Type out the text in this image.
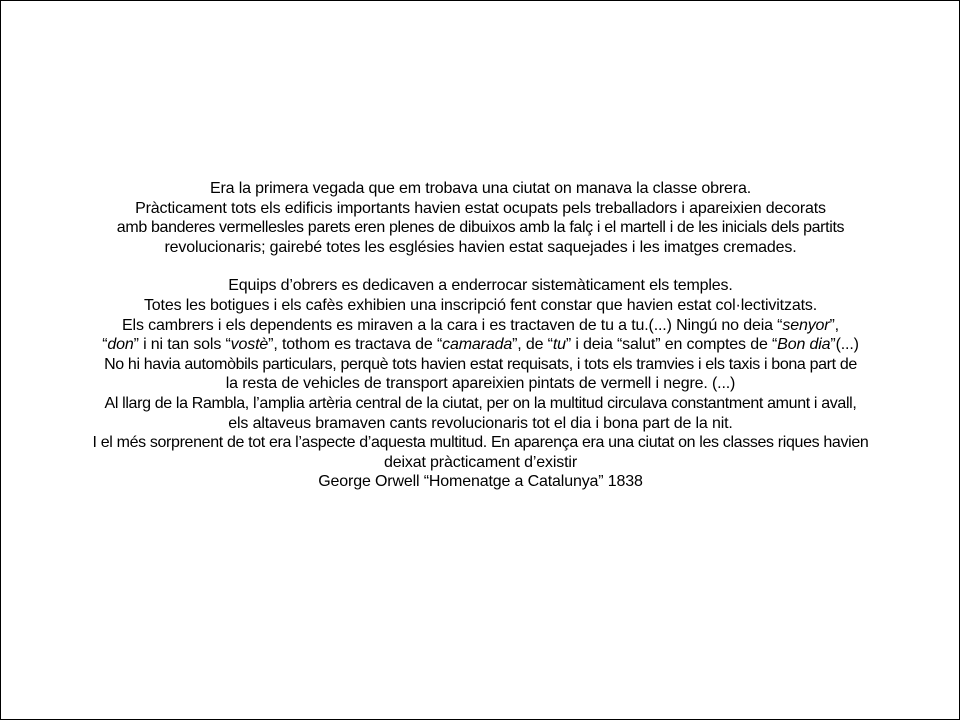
Era la primera vegada que em trobava una ciutat on manava la classe obrera.
Pràcticament tots els edificis importants havien estat ocupats pels treballadors i apareixien decorats
amb banderes vermellesles parets eren plenes de dibuixos amb la falç i el martell i de les inicials dels partits
revolucionaris; gairebé totes les esglésies havien estat saquejades i les imatges cremades.
Equips d’obrers es dedicaven a enderrocar sistemàticament els temples.
Totes les botigues i els cafès exhibien una inscripció fent constar que havien estat col·lectivitzats.
Els cambrers i els dependents es miraven a la cara i es tractaven de tu a tu.(...) Ningú no deia “senyor”,
“don” i ni tan sols “vostè”, tothom es tractava de “camarada”, de “tu” i deia “salut” en comptes de “Bon dia”(...)
No hi havia automòbils particulars, perquè tots havien estat requisats, i tots els tramvies i els taxis i bona part de
la resta de vehicles de transport apareixien pintats de vermell i negre. (...)
Al llarg de la Rambla, l’amplia artèria central de la ciutat, per on la multitud circulava constantment amunt i avall,
els altaveus bramaven cants revolucionaris tot el dia i bona part de la nit.
I el més sorprenent de tot era l’aspecte d’aquesta multitud. En aparença era una ciutat on les classes riques havien
deixat pràcticament d’existir
George Orwell “Homenatge a Catalunya” 1838
